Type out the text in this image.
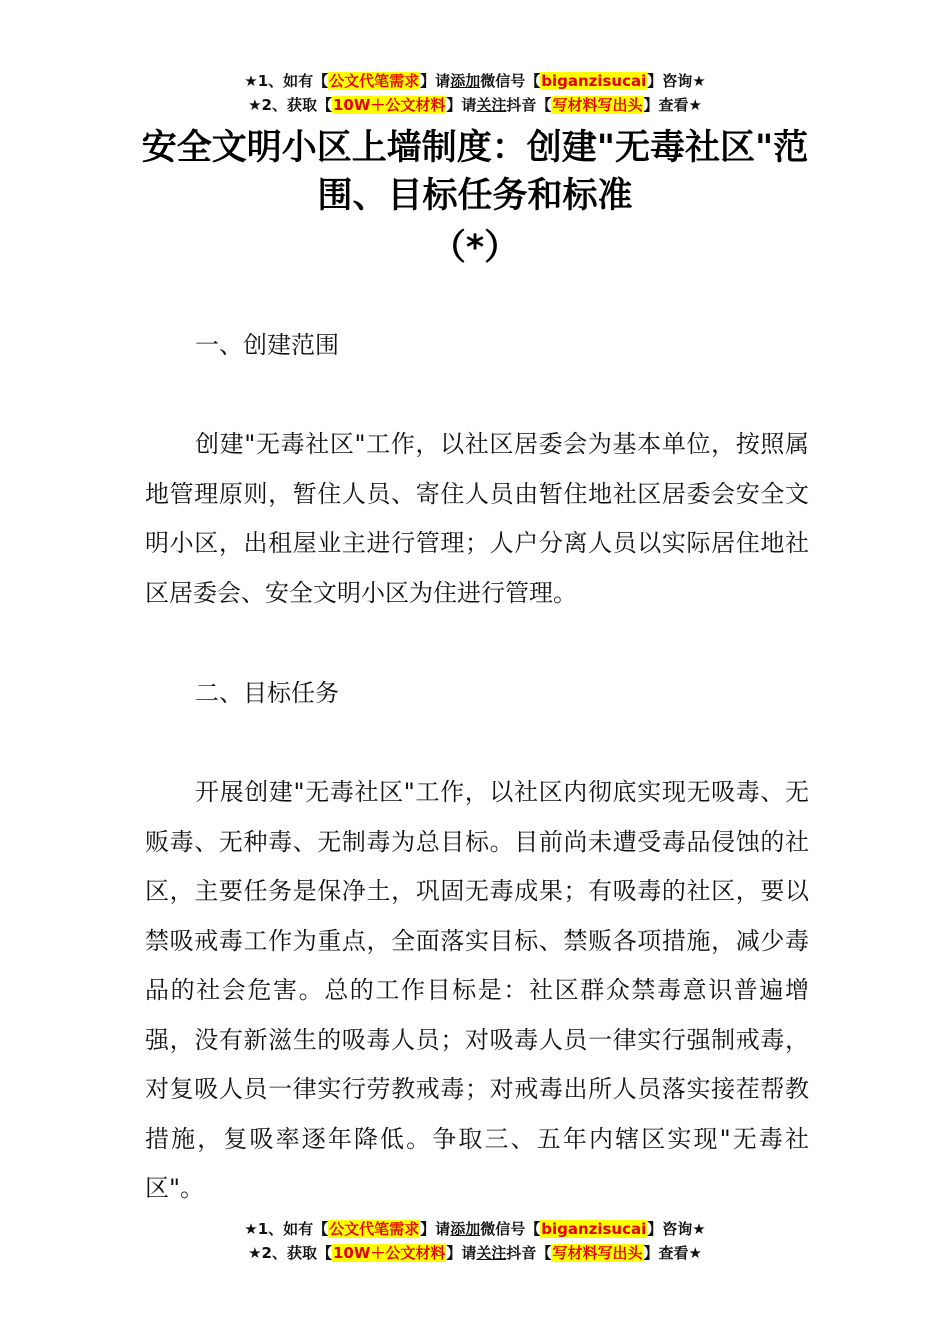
★1、如有【公文代笔需求】请添加微信号【biganzisucai】咨询★
★2、获取【10W＋公文材料】请关注抖音【写材料写出头】查看★
安全文明小区上墙制度：创建"无毒社区"范
围、目标任务和标准
（*）
一、创建范围
创建"无毒社区"工作，以社区居委会为基本单位，按照属地管理原则，暂住人员、寄住人员由暂住地社区居委会安全文明小区，出租屋业主进行管理；人户分离人员以实际居住地社区居委会、安全文明小区为住进行管理。
二、目标任务
开展创建"无毒社区"工作，以社区内彻底实现无吸毒、无贩毒、无种毒、无制毒为总目标。目前尚未遭受毒品侵蚀的社区，主要任务是保净土，巩固无毒成果；有吸毒的社区，要以禁吸戒毒工作为重点，全面落实目标、禁贩各项措施，减少毒品的社会危害。总的工作目标是：社区群众禁毒意识普遍增强，没有新滋生的吸毒人员；对吸毒人员一律实行强制戒毒，对复吸人员一律实行劳教戒毒；对戒毒出所人员落实接茬帮教措施，复吸率逐年降低。争取三、五年内辖区实现"无毒社区"。
★1、如有【公文代笔需求】请添加微信号【biganzisucai】咨询★
★2、获取【10W＋公文材料】请关注抖音【写材料写出头】查看★
